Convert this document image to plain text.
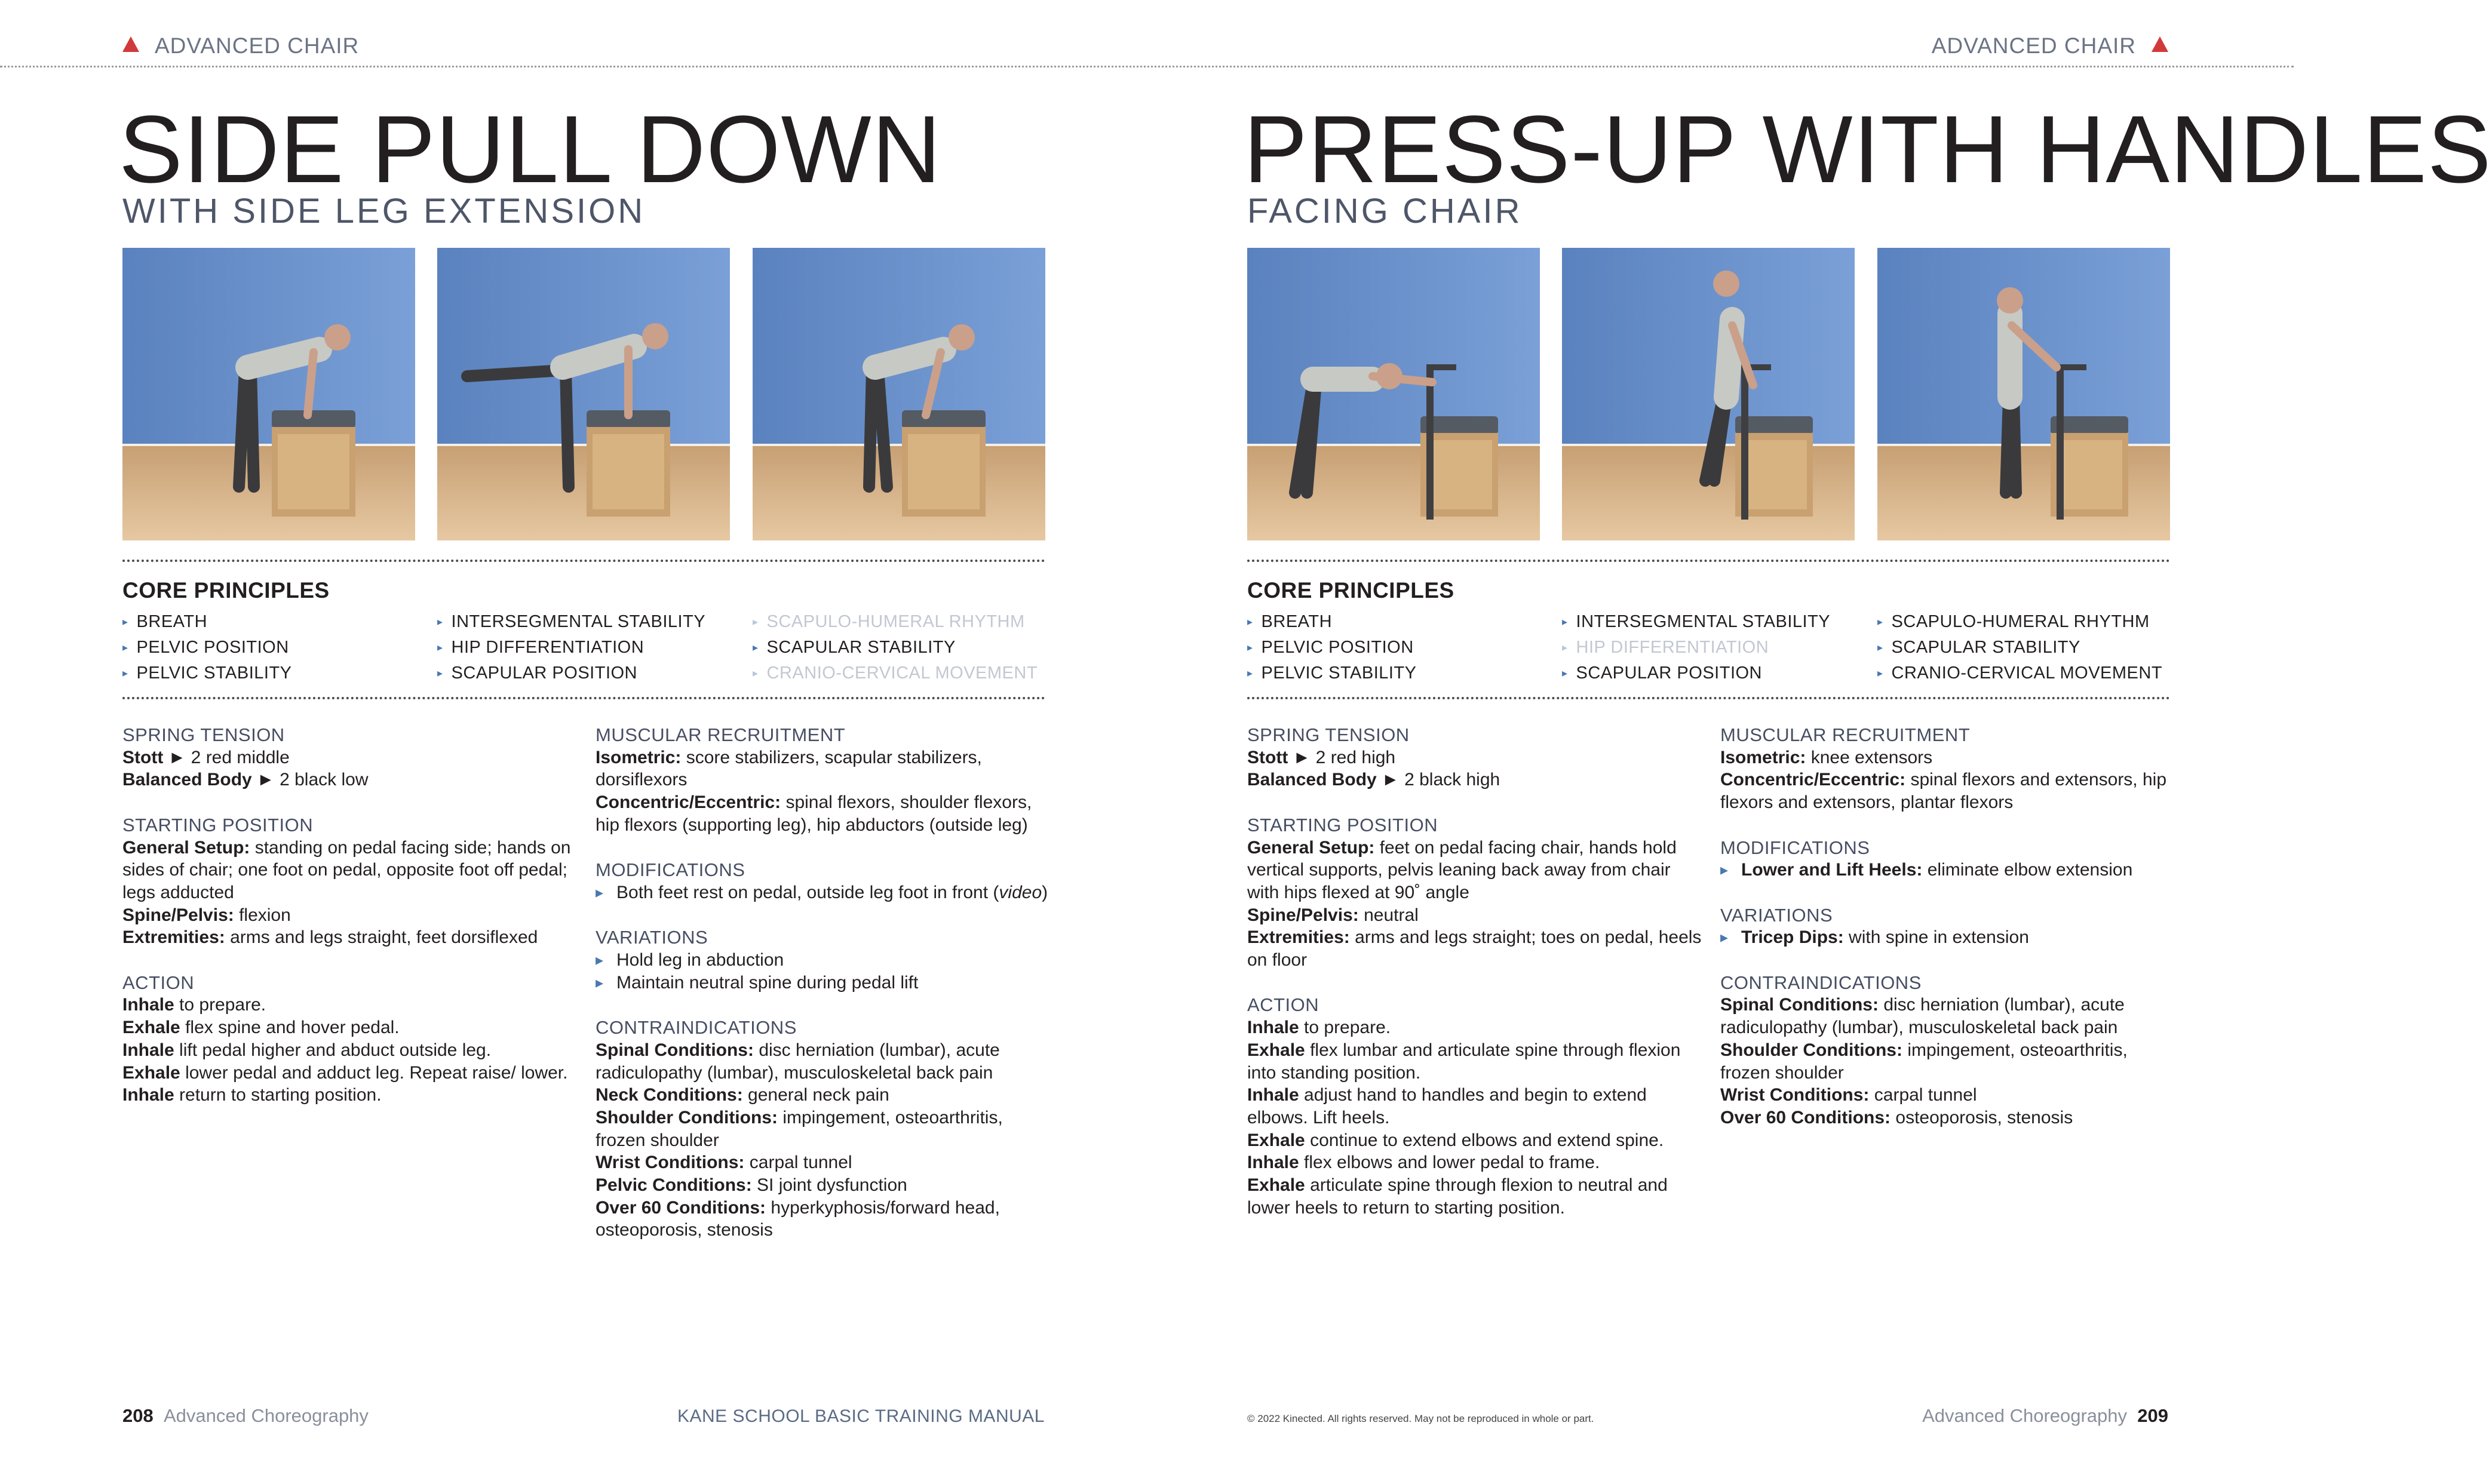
ADVANCED CHAIR	ADVANCED CHAIR
SIDE PULL DOWN
WITH SIDE LEG EXTENSION
CORE PRINCIPLES
▸ BREATH
▸ PELVIC POSITION
▸ PELVIC STABILITY
▸ INTERSEGMENTAL STABILITY
▸ HIP DIFFERENTIATION
▸ SCAPULAR POSITION
▸ SCAPULO-HUMERAL RHYTHM
▸ SCAPULAR STABILITY
▸ CRANIO-CERVICAL MOVEMENT
SPRING TENSION
Stott ► 2 red middle
Balanced Body ► 2 black low
STARTING POSITION
General Setup: standing on pedal facing side; hands on sides of chair; one foot on pedal, opposite foot off pedal; legs adducted
Spine/Pelvis: flexion
Extremities: arms and legs straight, feet dorsiflexed
ACTION
Inhale to prepare.
Exhale flex spine and hover pedal.
Inhale lift pedal higher and abduct outside leg.
Exhale lower pedal and adduct leg. Repeat raise/ lower.
Inhale return to starting position.
MUSCULAR RECRUITMENT
Isometric: score stabilizers, scapular stabilizers, dorsiflexors
Concentric/Eccentric: spinal flexors, shoulder flexors, hip flexors (supporting leg), hip abductors (outside leg)
MODIFICATIONS
▸ Both feet rest on pedal, outside leg foot in front (video)
VARIATIONS
▸ Hold leg in abduction
▸ Maintain neutral spine during pedal lift
CONTRAINDICATIONS
Spinal Conditions: disc herniation (lumbar), acute radiculopathy (lumbar), musculoskeletal back pain
Neck Conditions: general neck pain
Shoulder Conditions: impingement, osteoarthritis, frozen shoulder
Wrist Conditions: carpal tunnel
Pelvic Conditions: SI joint dysfunction
Over 60 Conditions: hyperkyphosis/forward head, osteoporosis, stenosis
PRESS-UP WITH HANDLES
FACING CHAIR
CORE PRINCIPLES
▸ BREATH
▸ PELVIC POSITION
▸ PELVIC STABILITY
▸ INTERSEGMENTAL STABILITY
▸ HIP DIFFERENTIATION
▸ SCAPULAR POSITION
▸ SCAPULO-HUMERAL RHYTHM
▸ SCAPULAR STABILITY
▸ CRANIO-CERVICAL MOVEMENT
SPRING TENSION
Stott ► 2 red high
Balanced Body ► 2 black high
STARTING POSITION
General Setup: feet on pedal facing chair, hands hold vertical supports, pelvis leaning back away from chair with hips flexed at 90˚ angle
Spine/Pelvis: neutral
Extremities: arms and legs straight; toes on pedal, heels on floor
ACTION
Inhale to prepare.
Exhale flex lumbar and articulate spine through flexion into standing position.
Inhale adjust hand to handles and begin to extend elbows. Lift heels.
Exhale continue to extend elbows and extend spine.
Inhale flex elbows and lower pedal to frame.
Exhale articulate spine through flexion to neutral and lower heels to return to starting position.
MUSCULAR RECRUITMENT
Isometric: knee extensors
Concentric/Eccentric: spinal flexors and extensors, hip flexors and extensors, plantar flexors
MODIFICATIONS
▸ Lower and Lift Heels: eliminate elbow extension
VARIATIONS
▸ Tricep Dips: with spine in extension
CONTRAINDICATIONS
Spinal Conditions: disc herniation (lumbar), acute radiculopathy (lumbar), musculoskeletal back pain
Shoulder Conditions: impingement, osteoarthritis, frozen shoulder
Wrist Conditions: carpal tunnel
Over 60 Conditions: osteoporosis, stenosis
208 Advanced Choreography	KANE SCHOOL BASIC TRAINING MANUAL	© 2022 Kinected. All rights reserved. May not be reproduced in whole or part.	Advanced Choreography 209
